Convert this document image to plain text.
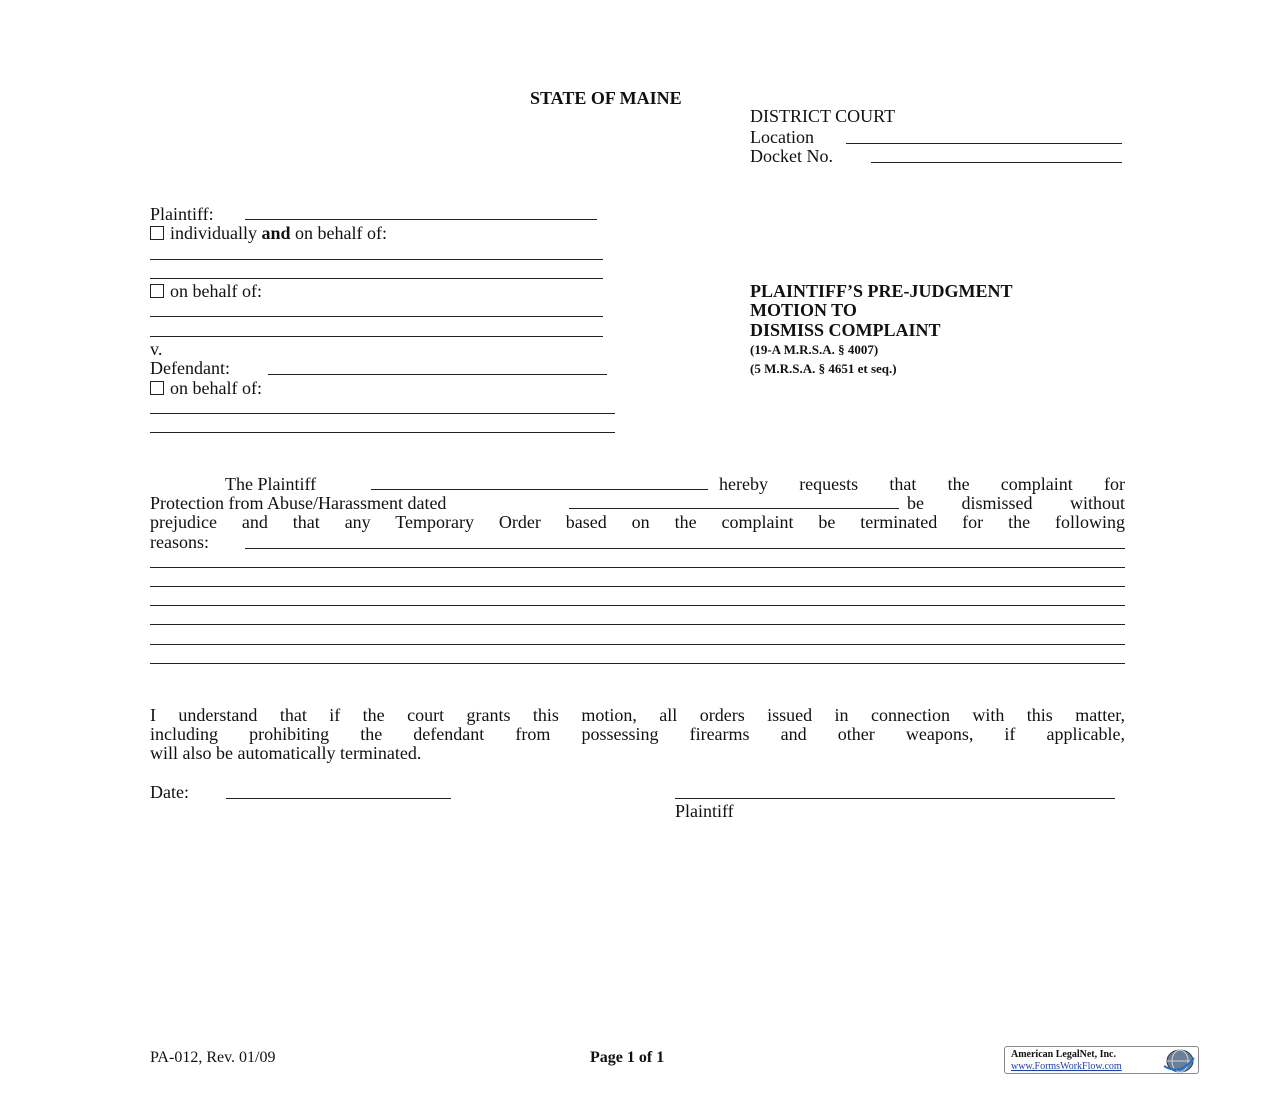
STATE OF MAINE
DISTRICT COURT
Location
Docket No.
Plaintiff:
individually and on behalf of:
on behalf of:
v.
Defendant:
on behalf of:
PLAINTIFF’S PRE-JUDGMENT
MOTION TO
DISMISS COMPLAINT
(19-A M.R.S.A. § 4007)
(5 M.R.S.A. § 4651 et seq.)
The Plaintiff	hereby requests that the complaint for
Protection from Abuse/Harassment dated	be dismissed without
prejudice and that any Temporary Order based on the complaint be terminated for the following
reasons:
I understand that if the court grants this motion, all orders issued in connection with this matter,
including prohibiting the defendant from possessing firearms and other weapons, if applicable,
will also be automatically terminated.
Date:
Plaintiff
PA-012, Rev. 01/09	Page 1 of 1	American LegalNet, Inc.
www.FormsWorkFlow.com
